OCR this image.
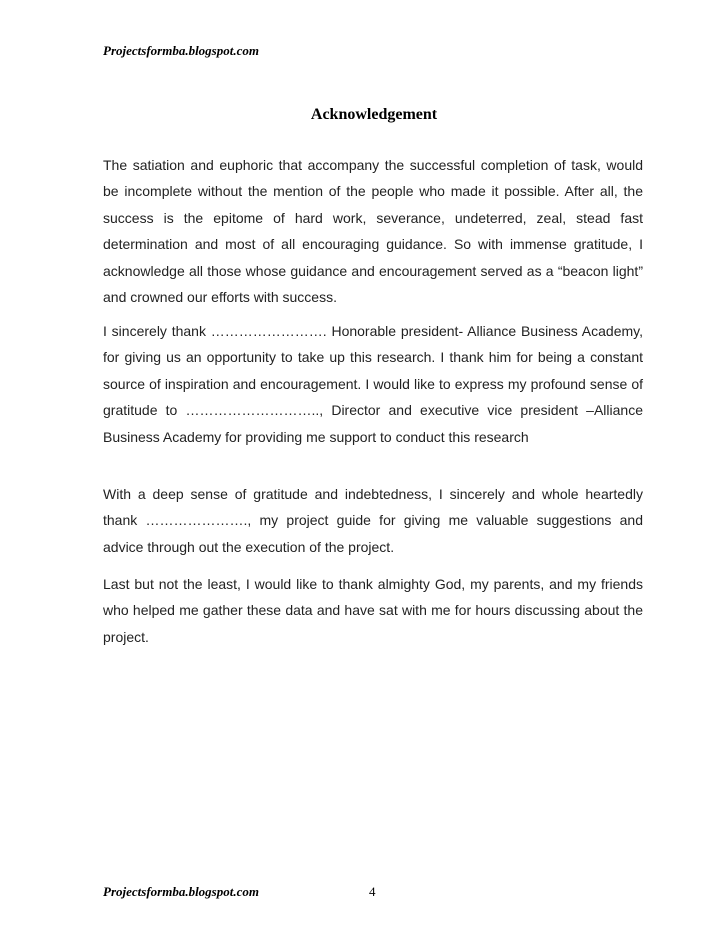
Projectsformba.blogspot.com
Acknowledgement

The satiation and euphoric that accompany the successful completion of task, would be incomplete without the mention of the people who made it possible. After all, the success is the epitome of hard work, severance, undeterred, zeal, stead fast determination and most of all encouraging guidance. So with immense gratitude, I acknowledge all those whose guidance and encouragement served as a “beacon light” and crowned our efforts with success.

I sincerely thank ……………………. Honorable president- Alliance Business Academy, for giving us an opportunity to take up this research. I thank him for being a constant source of inspiration and encouragement. I would like to express my profound sense of gratitude to ……………………….., Director and executive vice president –Alliance Business Academy for providing me support to conduct this research

With a deep sense of gratitude and indebtedness, I sincerely and whole heartedly thank …………………., my project guide for giving me valuable suggestions and advice through out the execution of the project.

Last but not the least, I would like to thank almighty God, my parents, and my friends who helped me gather these data and have sat with me for hours discussing about the project.

Projectsformba.blogspot.com	4
